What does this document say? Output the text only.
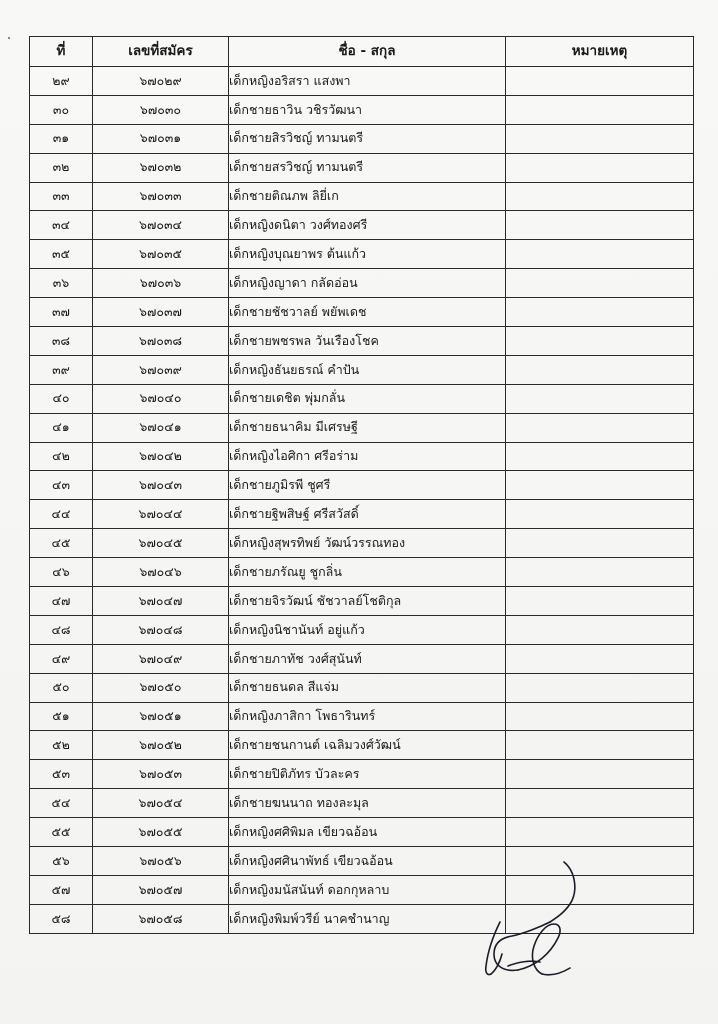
ที่	เลขที่สมัคร	ชื่อ - สกุล	หมายเหตุ
๒๙	๖๗๐๒๙	เด็กหญิงอริสรา แสงพา	
๓๐	๖๗๐๓๐	เด็กชายธาวิน วชิรวัฒนา	
๓๑	๖๗๐๓๑	เด็กชายสิรวิชญ์ ทามนตรี	
๓๒	๖๗๐๓๒	เด็กชายสรวิชญ์ ทามนตรี	
๓๓	๖๗๐๓๓	เด็กชายติณภพ ลิยี่เก	
๓๔	๖๗๐๓๔	เด็กหญิงดนิตา วงศ์ทองศรี	
๓๕	๖๗๐๓๕	เด็กหญิงบุณยาพร ต้นแก้ว	
๓๖	๖๗๐๓๖	เด็กหญิงญาดา กลัดอ่อน	
๓๗	๖๗๐๓๗	เด็กชายชัชวาลย์ พยัพเดช	
๓๘	๖๗๐๓๘	เด็กชายพชรพล วันเรืองโชค	
๓๙	๖๗๐๓๙	เด็กหญิงธันยธรณ์ คำปัน	
๔๐	๖๗๐๔๐	เด็กชายเดชิต พุ่มกลั่น	
๔๑	๖๗๐๔๑	เด็กชายธนาคิม มีเศรษฐี	
๔๒	๖๗๐๔๒	เด็กหญิงไอศิกา ศรีอร่าม	
๔๓	๖๗๐๔๓	เด็กชายภูมิรพี ชูศรี	
๔๔	๖๗๐๔๔	เด็กชายฐิพสิษฐ์ ศรีสวัสดิ์	
๔๕	๖๗๐๔๕	เด็กหญิงสุพรทิพย์ วัฒน์วรรณทอง	
๔๖	๖๗๐๔๖	เด็กชายภรัณยู ชูกลิ่น	
๔๗	๖๗๐๔๗	เด็กชายจิรวัฒน์ ชัชวาลย์โชติกุล	
๔๘	๖๗๐๔๘	เด็กหญิงนิชานันท์ อยู่แก้ว	
๔๙	๖๗๐๔๙	เด็กชายภาทัช วงศ์สุนันท์	
๕๐	๖๗๐๕๐	เด็กชายธนดล สีแจ่ม	
๕๑	๖๗๐๕๑	เด็กหญิงภาสิกา โพธารินทร์	
๕๒	๖๗๐๕๒	เด็กชายชนกานต์ เฉลิมวงศ์วัฒน์	
๕๓	๖๗๐๕๓	เด็กชายปิติภัทร บัวละคร	
๕๔	๖๗๐๕๔	เด็กชายฆนนาถ ทองละมุล	
๕๕	๖๗๐๕๕	เด็กหญิงศศิพิมล เขียวฉอ้อน	
๕๖	๖๗๐๕๖	เด็กหญิงศศินาพัทธ์ เขียวฉอ้อน	
๕๗	๖๗๐๕๗	เด็กหญิงมนัสนันท์ ดอกกุหลาบ	
๕๘	๖๗๐๕๘	เด็กหญิงพิมพ์วรีย์ นาคชำนาญ	
